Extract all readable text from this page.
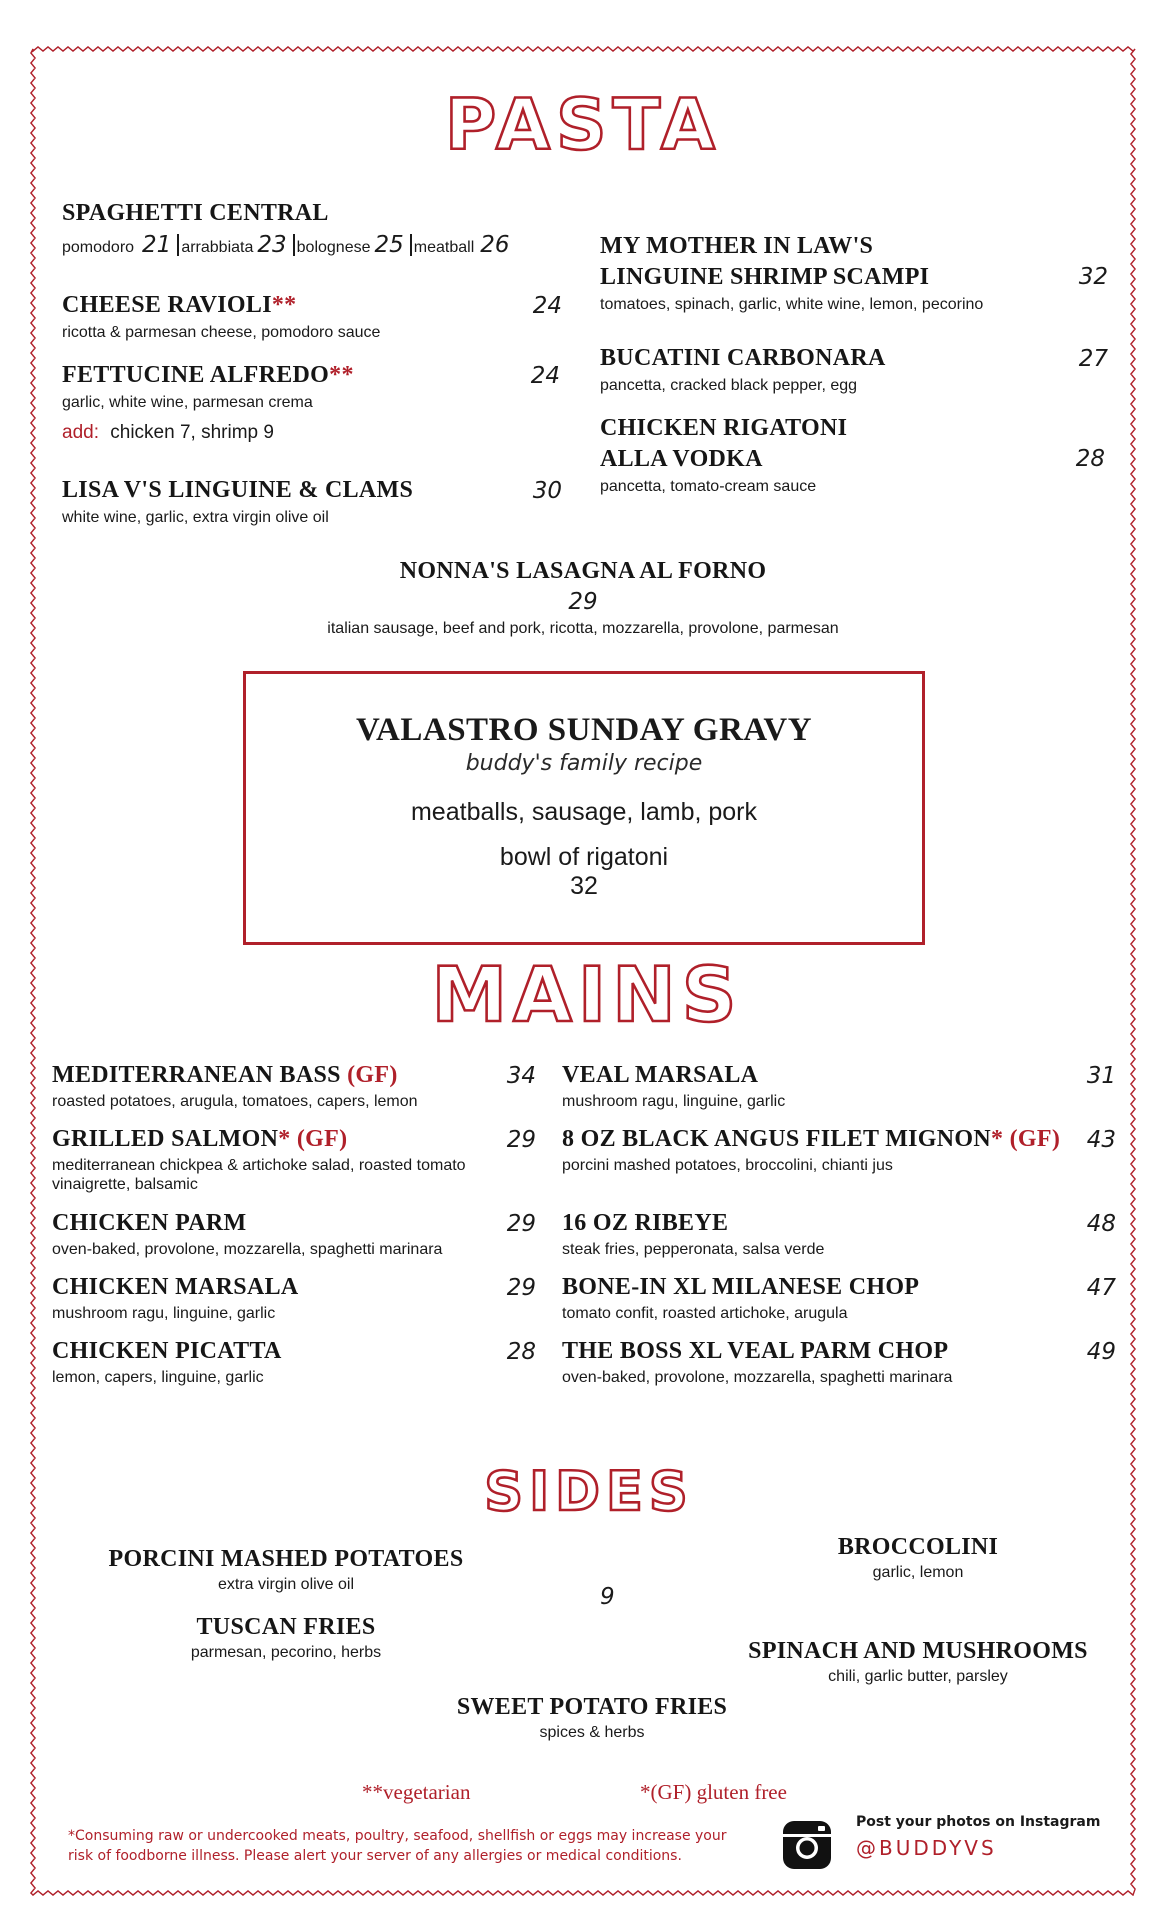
PASTA
SPAGHETTI CENTRAL
pomodoro 21 arrabbiata 23 bolognese 25 meatball 26
CHEESE RAVIOLI**
ricotta & parmesan cheese, pomodoro sauce
24
FETTUCINE ALFREDO**
garlic, white wine, parmesan crema
24
add: chicken 7, shrimp 9
LISA V'S LINGUINE & CLAMS
white wine, garlic, extra virgin olive oil
30
MY MOTHER IN LAW'S
LINGUINE SHRIMP SCAMPI
tomatoes, spinach, garlic, white wine, lemon, pecorino
32
BUCATINI CARBONARA
pancetta, cracked black pepper, egg
27
CHICKEN RIGATONI
ALLA VODKA
pancetta, tomato-cream sauce
28
NONNA'S LASAGNA AL FORNO
29
italian sausage, beef and pork, ricotta, mozzarella, provolone, parmesan
VALASTRO SUNDAY GRAVY
buddy's family recipe
meatballs, sausage, lamb, pork
bowl of rigatoni
32
MAINS
MEDITERRANEAN BASS (GF)
roasted potatoes, arugula, tomatoes, capers, lemon
34
GRILLED SALMON* (GF)
mediterranean chickpea & artichoke salad, roasted tomato vinaigrette, balsamic
29
CHICKEN PARM
oven-baked, provolone, mozzarella, spaghetti marinara
29
CHICKEN MARSALA
mushroom ragu, linguine, garlic
29
CHICKEN PICATTA
lemon, capers, linguine, garlic
28
VEAL MARSALA
mushroom ragu, linguine, garlic
31
8 OZ BLACK ANGUS FILET MIGNON* (GF)
porcini mashed potatoes, broccolini, chianti jus
43
16 OZ RIBEYE
steak fries, pepperonata, salsa verde
48
BONE-IN XL MILANESE CHOP
tomato confit, roasted artichoke, arugula
47
THE BOSS XL VEAL PARM CHOP
oven-baked, provolone, mozzarella, spaghetti marinara
49
SIDES
PORCINI MASHED POTATOES
extra virgin olive oil
TUSCAN FRIES
parmesan, pecorino, herbs
9
BROCCOLINI
garlic, lemon
SPINACH AND MUSHROOMS
chili, garlic butter, parsley
SWEET POTATO FRIES
spices & herbs
**vegetarian	*(GF) gluten free
*Consuming raw or undercooked meats, poultry, seafood, shellfish or eggs may increase your
risk of foodborne illness. Please alert your server of any allergies or medical conditions.
Post your photos on Instagram
@BUDDYVS
